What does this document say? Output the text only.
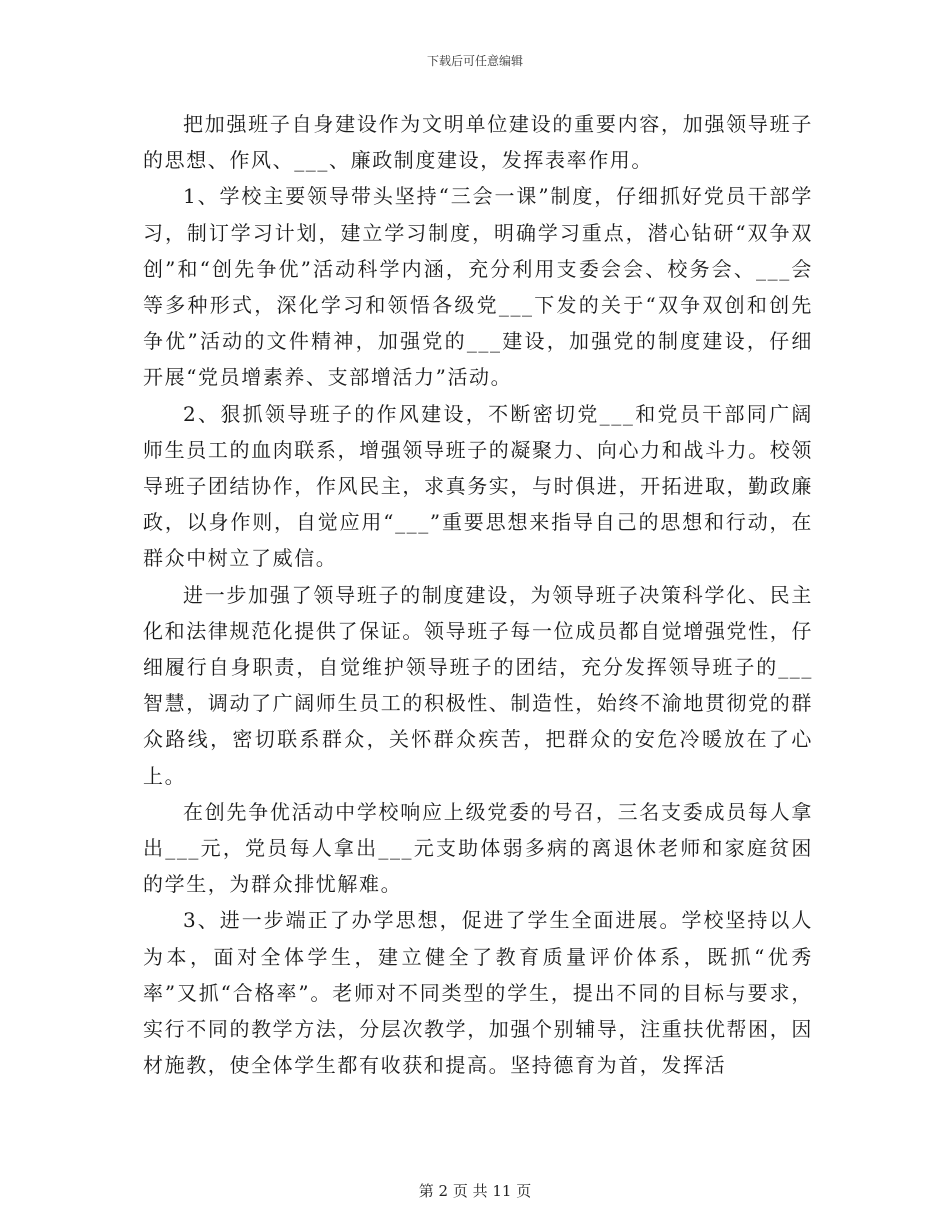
下载后可任意编辑

把加强班子自身建设作为文明单位建设的重要内容，加强领导班子的思想、作风、___、廉政制度建设，发挥表率作用。

1、学校主要领导带头坚持“三会一课”制度，仔细抓好党员干部学习，制订学习计划，建立学习制度，明确学习重点，潜心钻研“双争双创”和“创先争优”活动科学内涵，充分利用支委会会、校务会、___会等多种形式，深化学习和领悟各级党___下发的关于“双争双创和创先争优”活动的文件精神，加强党的___建设，加强党的制度建设，仔细开展“党员增素养、支部增活力”活动。

2、狠抓领导班子的作风建设，不断密切党___和党员干部同广阔师生员工的血肉联系，增强领导班子的凝聚力、向心力和战斗力。校领导班子团结协作，作风民主，求真务实，与时俱进，开拓进取，勤政廉政，以身作则，自觉应用“___”重要思想来指导自己的思想和行动，在群众中树立了威信。

进一步加强了领导班子的制度建设，为领导班子决策科学化、民主化和法律规范化提供了保证。领导班子每一位成员都自觉增强党性，仔细履行自身职责，自觉维护领导班子的团结，充分发挥领导班子的___智慧，调动了广阔师生员工的积极性、制造性，始终不渝地贯彻党的群众路线，密切联系群众，关怀群众疾苦，把群众的安危冷暖放在了心上。

在创先争优活动中学校响应上级党委的号召，三名支委成员每人拿出___元，党员每人拿出___元支助体弱多病的离退休老师和家庭贫困的学生，为群众排忧解难。

3、进一步端正了办学思想，促进了学生全面进展。学校坚持以人为本，面对全体学生，建立健全了教育质量评价体系，既抓“优秀率”又抓“合格率”。老师对不同类型的学生，提出不同的目标与要求，实行不同的教学方法，分层次教学，加强个别辅导，注重扶优帮困，因材施教，使全体学生都有收获和提高。坚持德育为首，发挥活

第 2 页 共 11 页
